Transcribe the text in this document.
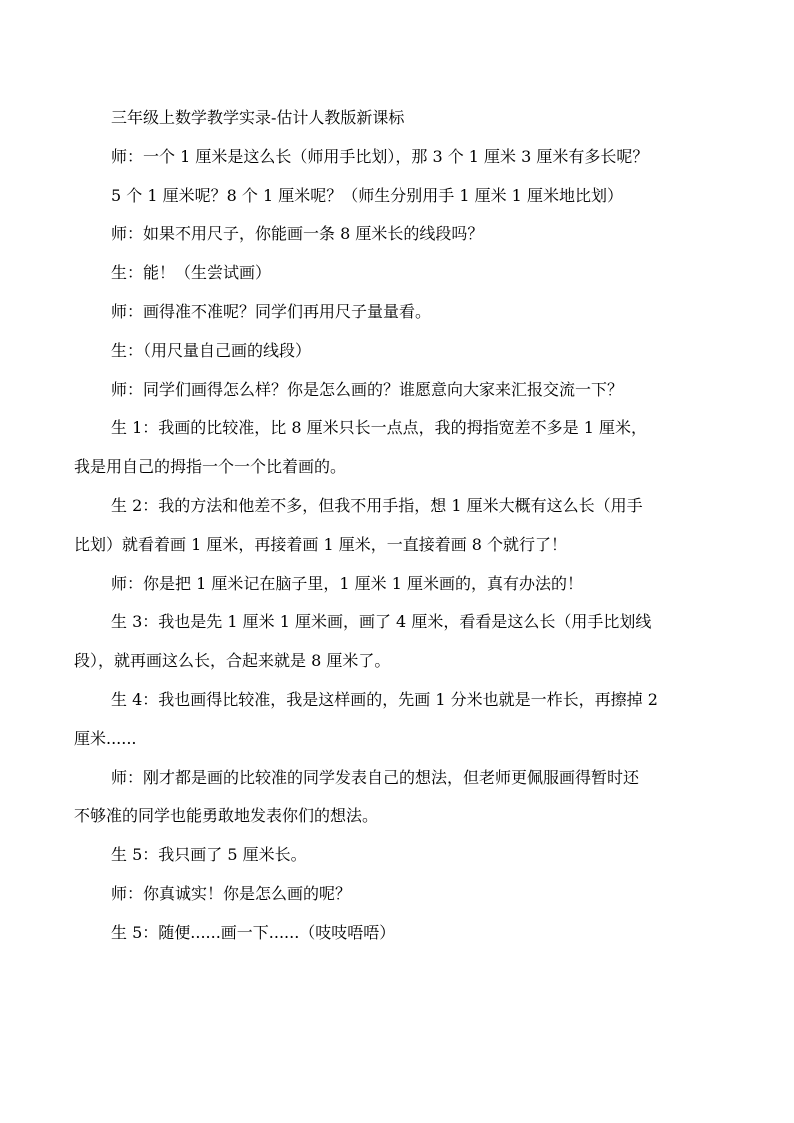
三年级上数学教学实录-估计人教版新课标
师：一个 1 厘米是这么长（师用手比划），那 3 个 1 厘米 3 厘米有多长呢？
5 个 1 厘米呢？8 个 1 厘米呢？（师生分别用手 1 厘米 1 厘米地比划）
师：如果不用尺子，你能画一条 8 厘米长的线段吗？
生：能！（生尝试画）
师：画得准不准呢？同学们再用尺子量量看。
生：（用尺量自己画的线段）
师：同学们画得怎么样？你是怎么画的？谁愿意向大家来汇报交流一下？
生 1：我画的比较准，比 8 厘米只长一点点，我的拇指宽差不多是 1 厘米，
我是用自己的拇指一个一个比着画的。
生 2：我的方法和他差不多，但我不用手指，想 1 厘米大概有这么长（用手
比划）就看着画 1 厘米，再接着画 1 厘米，一直接着画 8 个就行了！
师：你是把 1 厘米记在脑子里，1 厘米 1 厘米画的，真有办法的！
生 3：我也是先 1 厘米 1 厘米画，画了 4 厘米，看看是这么长（用手比划线
段），就再画这么长，合起来就是 8 厘米了。
生 4：我也画得比较准，我是这样画的，先画 1 分米也就是一柞长，再擦掉 2
厘米......
师：刚才都是画的比较准的同学发表自己的想法，但老师更佩服画得暂时还
不够准的同学也能勇敢地发表你们的想法。
生 5：我只画了 5 厘米长。
师：你真诚实！你是怎么画的呢？
生 5：随便......画一下......（吱吱唔唔）
